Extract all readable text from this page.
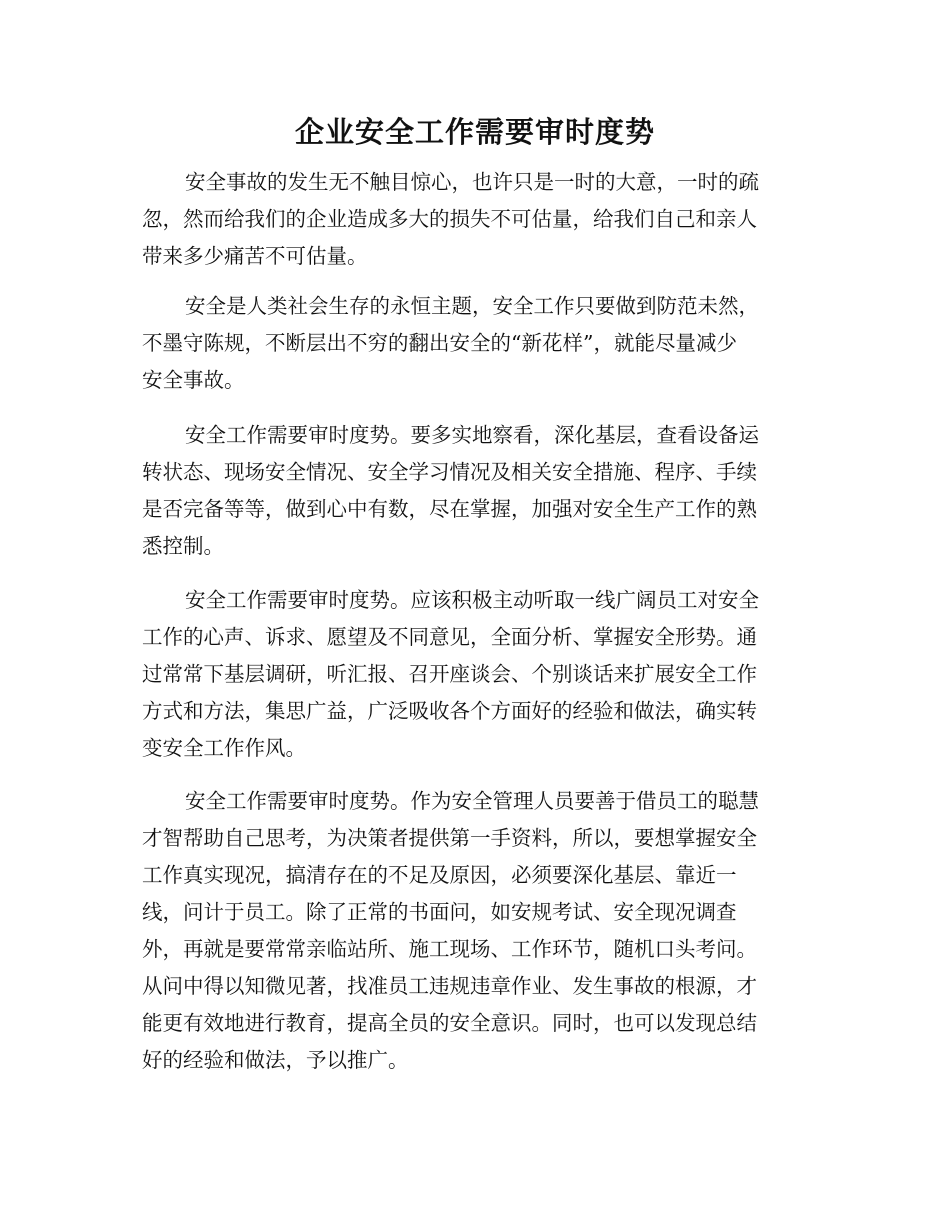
企业安全工作需要审时度势
安全事故的发生无不触目惊心，也许只是一时的大意，一时的疏
忽，然而给我们的企业造成多大的损失不可估量，给我们自己和亲人
带来多少痛苦不可估量。
安全是人类社会生存的永恒主题，安全工作只要做到防范未然，
不墨守陈规，不断层出不穷的翻出安全的“新花样”，就能尽量减少
安全事故。
安全工作需要审时度势。要多实地察看，深化基层，查看设备运
转状态、现场安全情况、安全学习情况及相关安全措施、程序、手续
是否完备等等，做到心中有数，尽在掌握，加强对安全生产工作的熟
悉控制。
安全工作需要审时度势。应该积极主动听取一线广阔员工对安全
工作的心声、诉求、愿望及不同意见，全面分析、掌握安全形势。通
过常常下基层调研，听汇报、召开座谈会、个别谈话来扩展安全工作
方式和方法，集思广益，广泛吸收各个方面好的经验和做法，确实转
变安全工作作风。
安全工作需要审时度势。作为安全管理人员要善于借员工的聪慧
才智帮助自己思考，为决策者提供第一手资料，所以，要想掌握安全
工作真实现况，搞清存在的不足及原因，必须要深化基层、靠近一
线，问计于员工。除了正常的书面问，如安规考试、安全现况调查
外，再就是要常常亲临站所、施工现场、工作环节，随机口头考问。
从问中得以知微见著，找准员工违规违章作业、发生事故的根源，才
能更有效地进行教育，提高全员的安全意识。同时，也可以发现总结
好的经验和做法，予以推广。
